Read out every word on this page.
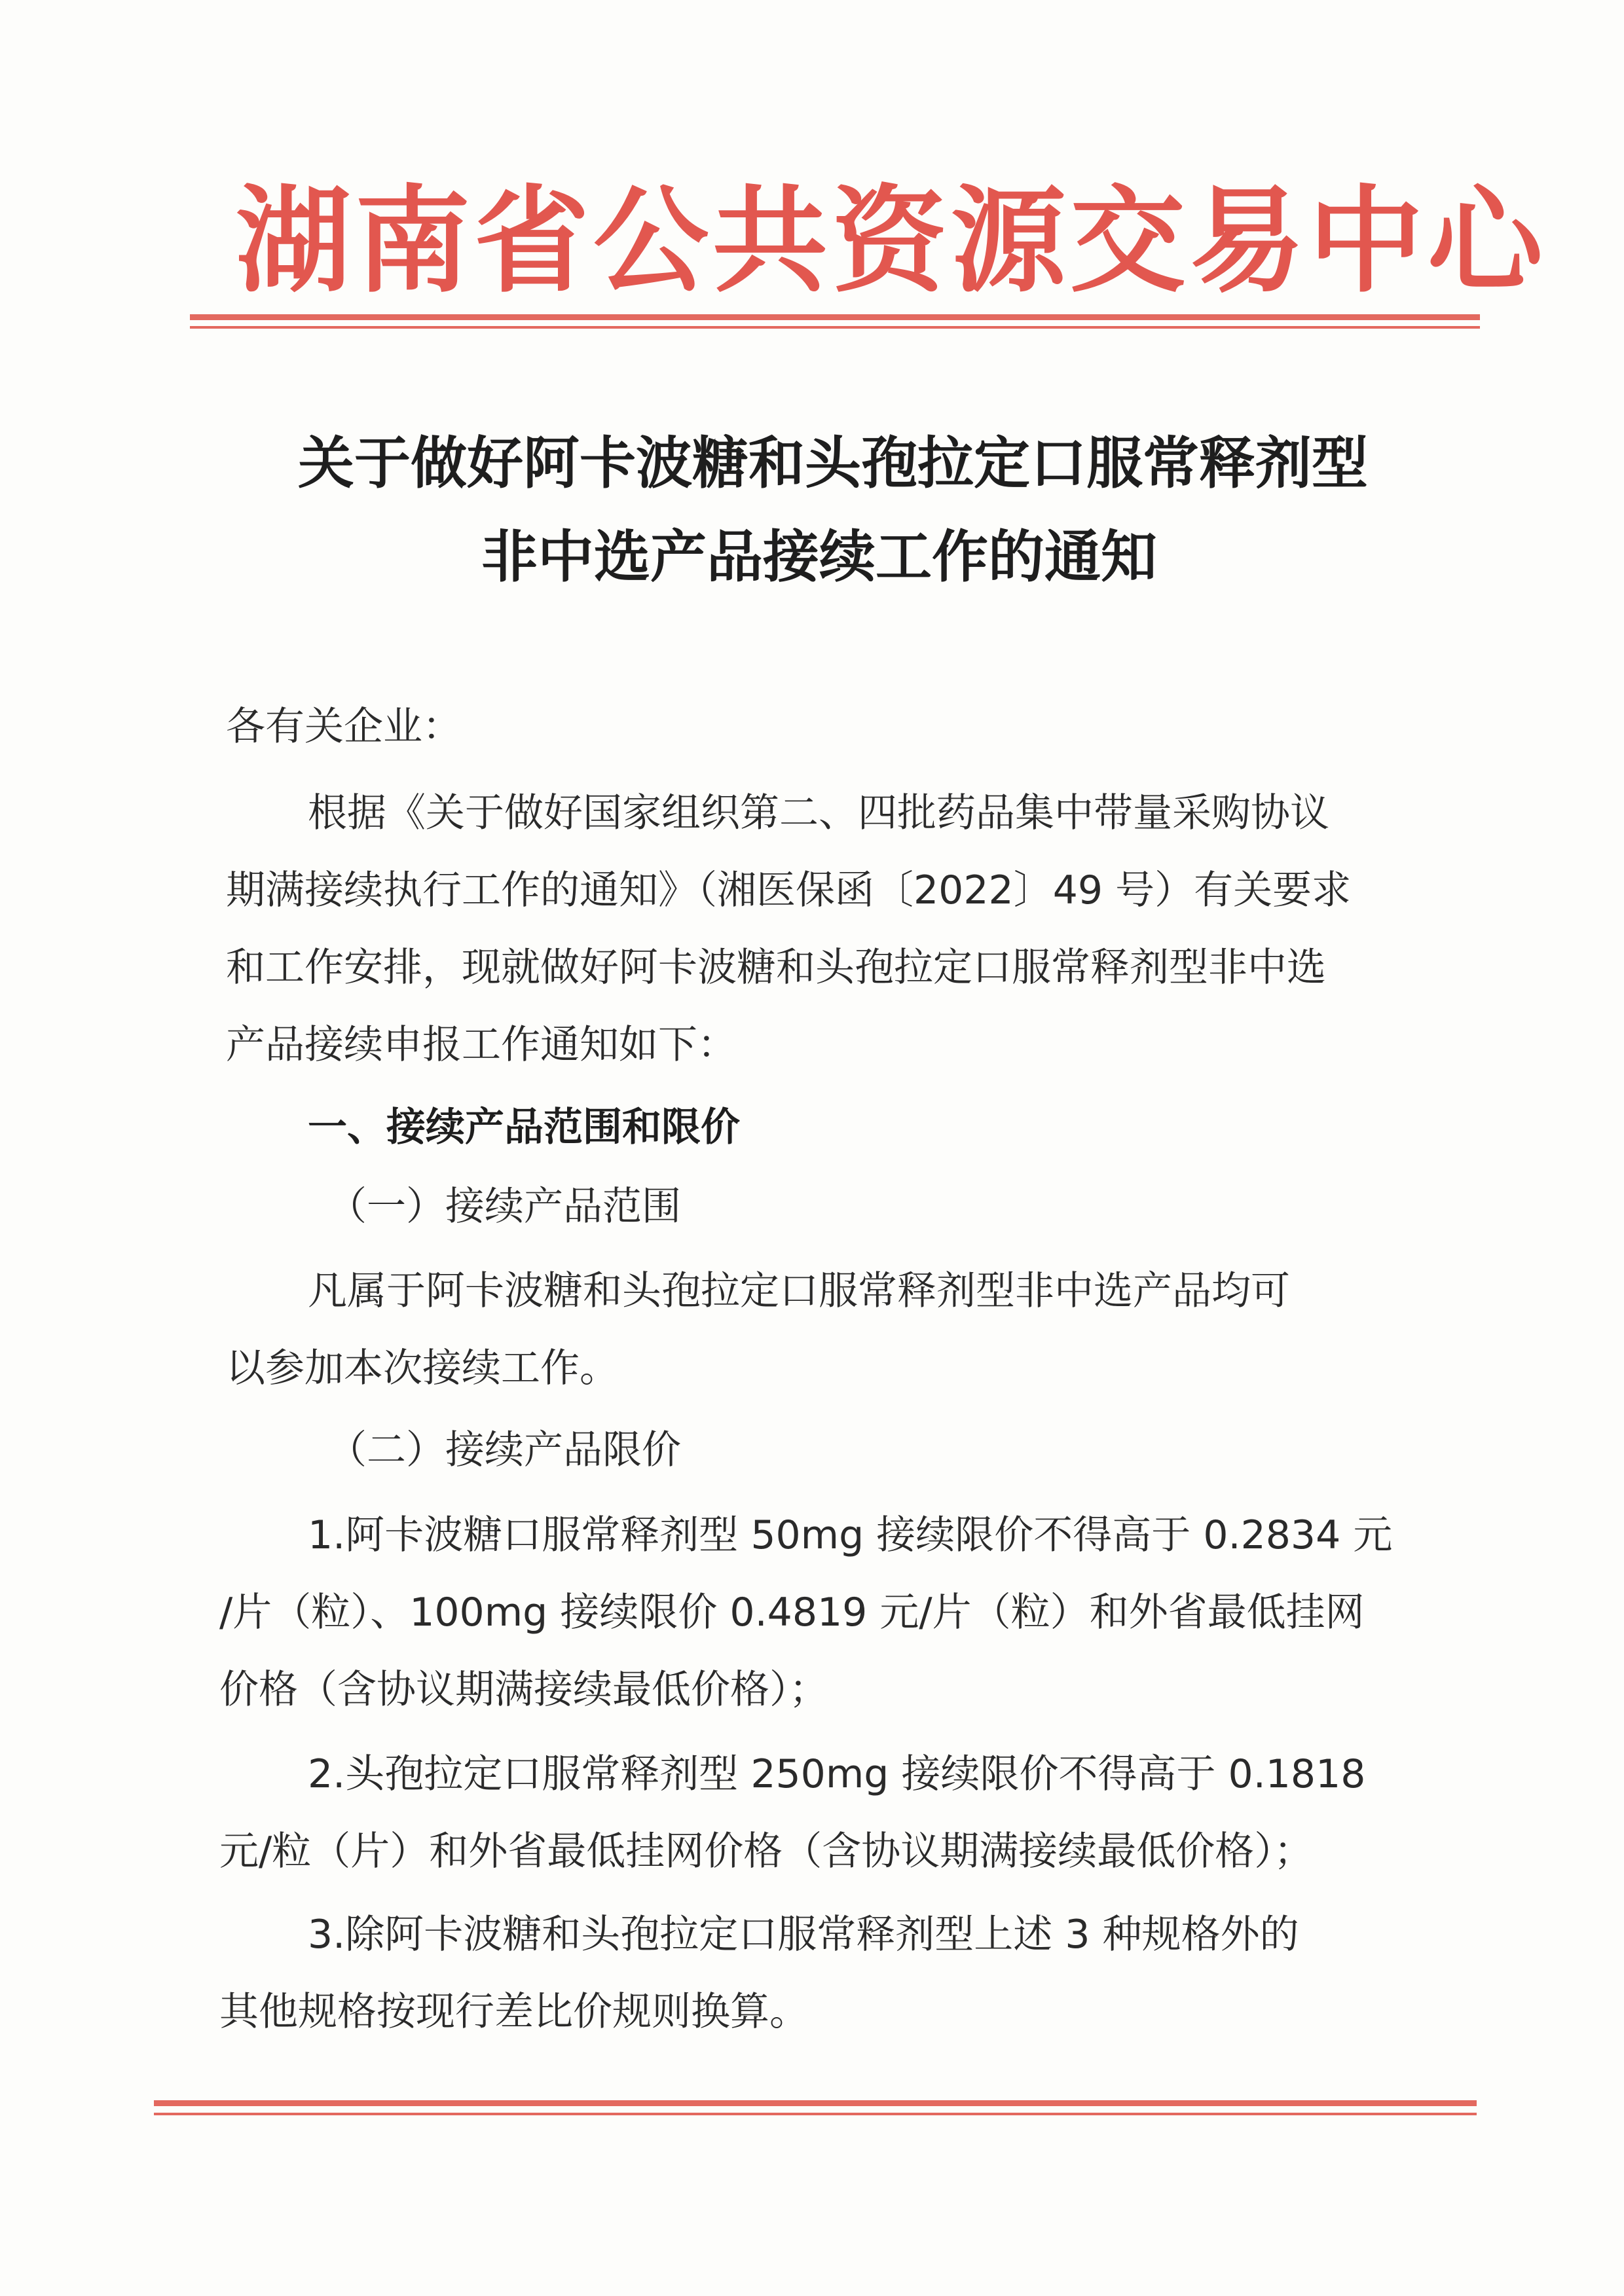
湖南省公共资源交易中心
关于做好阿卡波糖和头孢拉定口服常释剂型
非中选产品接续工作的通知
各有关企业：
根据《关于做好国家组织第二、四批药品集中带量采购协议
期满接续执行工作的通知》（湘医保函〔2022〕49 号）有关要求
和工作安排，现就做好阿卡波糖和头孢拉定口服常释剂型非中选
产品接续申报工作通知如下：
一、接续产品范围和限价
（一）接续产品范围
凡属于阿卡波糖和头孢拉定口服常释剂型非中选产品均可
以参加本次接续工作。
（二）接续产品限价
1.阿卡波糖口服常释剂型 50mg 接续限价不得高于 0.2834 元
/片（粒）、100mg 接续限价 0.4819 元/片（粒）和外省最低挂网
价格（含协议期满接续最低价格）；
2.头孢拉定口服常释剂型 250mg 接续限价不得高于 0.1818
元/粒（片）和外省最低挂网价格（含协议期满接续最低价格）；
3.除阿卡波糖和头孢拉定口服常释剂型上述 3 种规格外的
其他规格按现行差比价规则换算。
